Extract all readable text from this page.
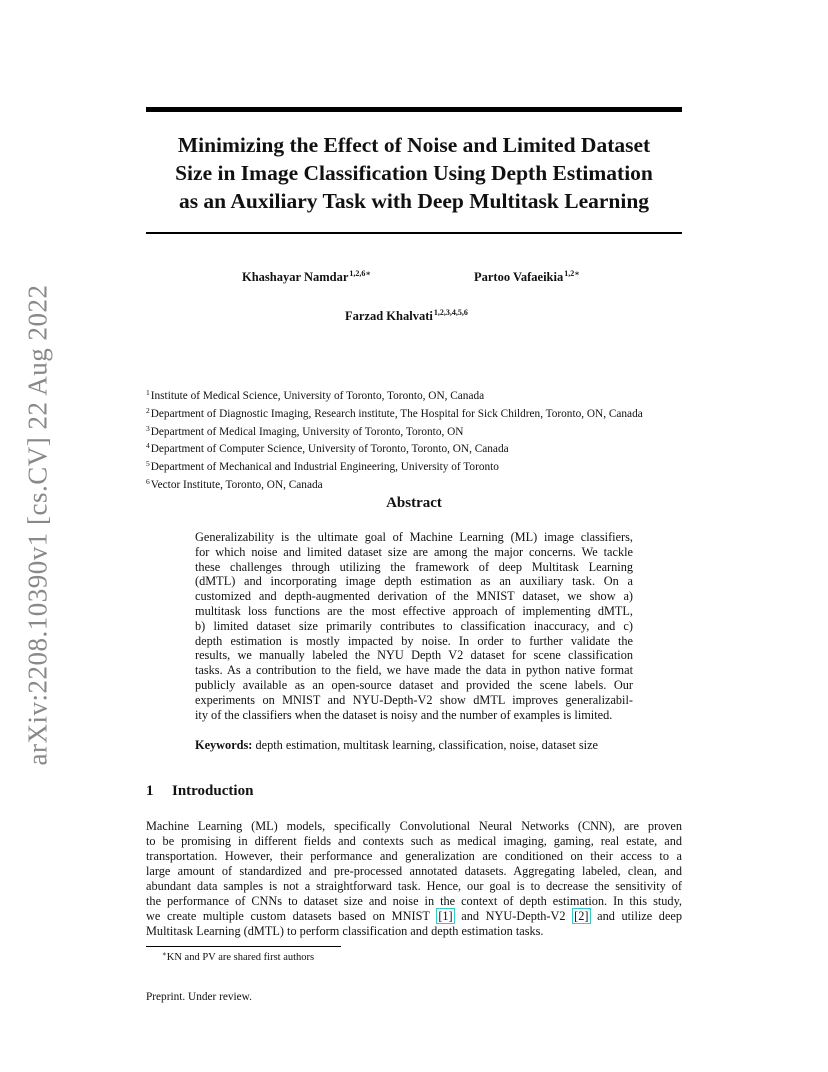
arXiv:2208.10390v1 [cs.CV] 22 Aug 2022
Minimizing the Effect of Noise and Limited Dataset
Size in Image Classification Using Depth Estimation
as an Auxiliary Task with Deep Multitask Learning
Khashayar Namdar$^{1,2,6∗}$	Partoo Vafaeikia$^{1,2∗}$
Farzad Khalvati$^{1,2,3,4,5,6}$
$^1$Institute of Medical Science, University of Toronto, Toronto, ON, Canada
$^2$Department of Diagnostic Imaging, Research institute, The Hospital for Sick Children, Toronto, ON, Canada
$^3$Department of Medical Imaging, University of Toronto, Toronto, ON
$^4$Department of Computer Science, University of Toronto, Toronto, ON, Canada
$^5$Department of Mechanical and Industrial Engineering, University of Toronto
$^6$Vector Institute, Toronto, ON, Canada
Abstract
Generalizability is the ultimate goal of Machine Learning (ML) image classifiers,
for which noise and limited dataset size are among the major concerns. We tackle
these challenges through utilizing the framework of deep Multitask Learning
(dMTL) and incorporating image depth estimation as an auxiliary task. On a
customized and depth-augmented derivation of the MNIST dataset, we show a)
multitask loss functions are the most effective approach of implementing dMTL,
b) limited dataset size primarily contributes to classification inaccuracy, and c)
depth estimation is mostly impacted by noise. In order to further validate the
results, we manually labeled the NYU Depth V2 dataset for scene classification
tasks. As a contribution to the field, we have made the data in python native format
publicly available as an open-source dataset and provided the scene labels. Our
experiments on MNIST and NYU-Depth-V2 show dMTL improves generalizabil-
ity of the classifiers when the dataset is noisy and the number of examples is limited.
Keywords: depth estimation, multitask learning, classification, noise, dataset size
1 Introduction
Machine Learning (ML) models, specifically Convolutional Neural Networks (CNN), are proven
to be promising in different fields and contexts such as medical imaging, gaming, real estate, and
transportation. However, their performance and generalization are conditioned on their access to a
large amount of standardized and pre-processed annotated datasets. Aggregating labeled, clean, and
abundant data samples is not a straightforward task. Hence, our goal is to decrease the sensitivity of
the performance of CNNs to dataset size and noise in the context of depth estimation. In this study,
we create multiple custom datasets based on MNIST [1] and NYU-Depth-V2 [2] and utilize deep
Multitask Learning (dMTL) to perform classification and depth estimation tasks.
∗KN and PV are shared first authors
Preprint. Under review.
